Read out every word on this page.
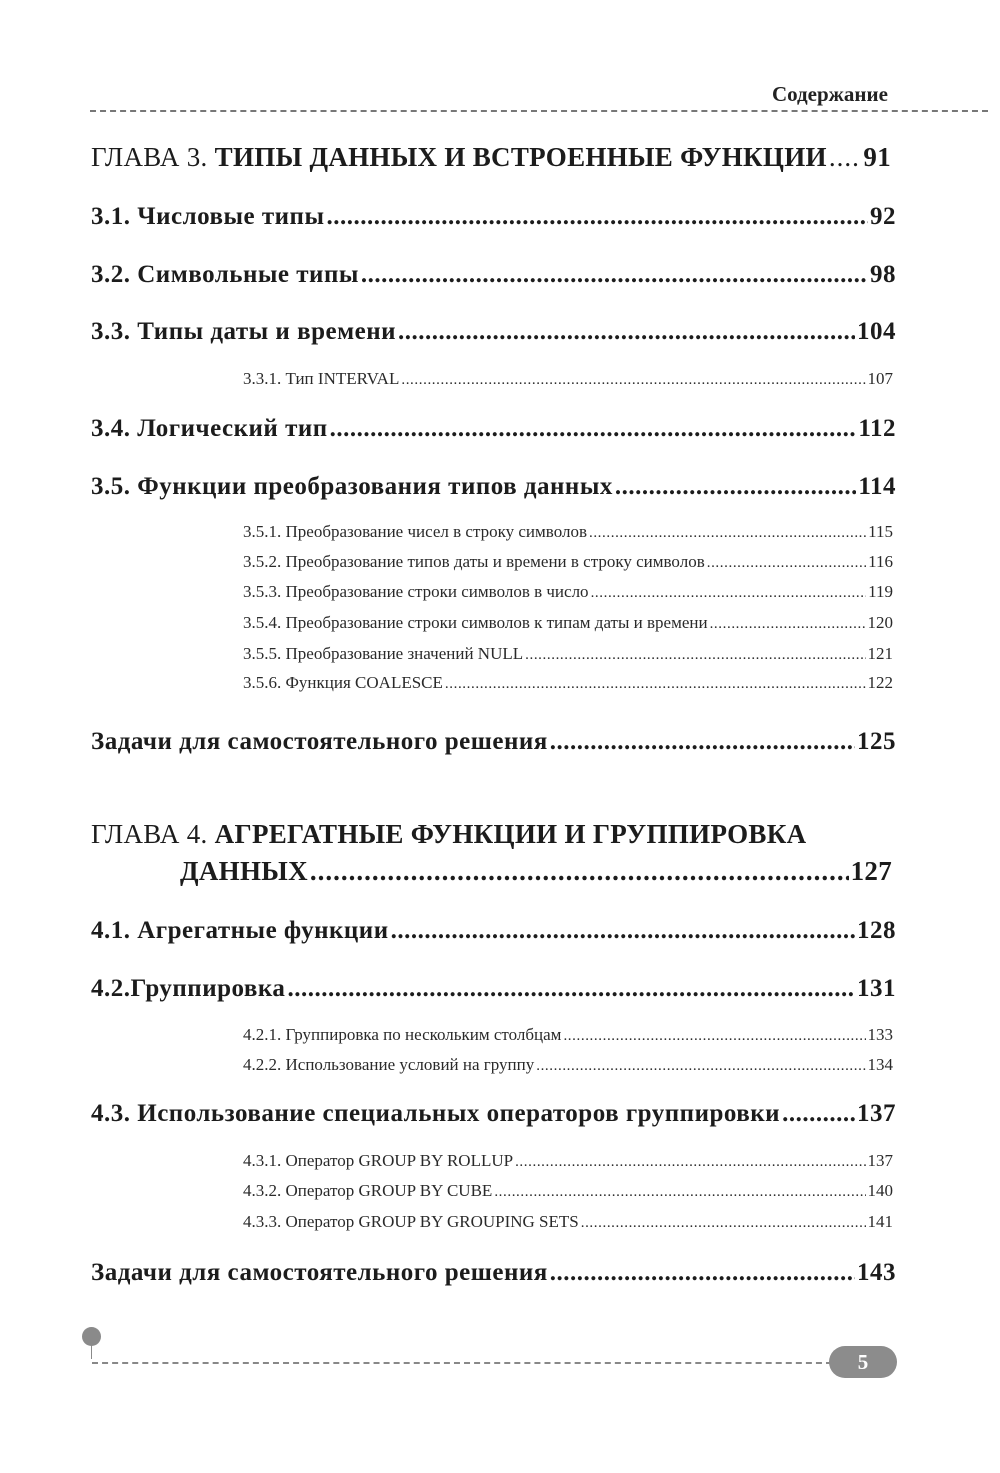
Содержание
ГЛАВА 3. ТИПЫ ДАННЫХ И ВСТРОЕННЫЕ ФУНКЦИИ ..... 91
3.1. Числовые типы .....	92
3.2. Символьные типы .....	98
3.3. Типы даты и времени .....	104
3.3.1. Тип INTERVAL .....	107
3.4. Логический тип .....	112
3.5. Функции преобразования типов данных .....	114
3.5.1. Преобразование чисел в строку символов .....	115
3.5.2. Преобразование типов даты и времени в строку символов .....	116
3.5.3. Преобразование строки символов в число .....	119
3.5.4. Преобразование строки символов к типам даты и времени .....	120
3.5.5. Преобразование значений NULL .....	121
3.5.6. Функция COALESCE .....	122
Задачи для самостоятельного решения .....	125
ГЛАВА 4. АГРЕГАТНЫЕ ФУНКЦИИ И ГРУППИРОВКА
ДАННЫХ .....	127
4.1. Агрегатные функции .....	128
4.2.Группировка .....	131
4.2.1. Группировка по нескольким столбцам .....	133
4.2.2. Использование условий на группу .....	134
4.3. Использование специальных операторов группировки .....	137
4.3.1. Оператор GROUP BY ROLLUP .....	137
4.3.2. Оператор GROUP BY CUBE .....	140
4.3.3. Оператор GROUP BY GROUPING SETS .....	141
Задачи для самостоятельного решения .....	143
5
